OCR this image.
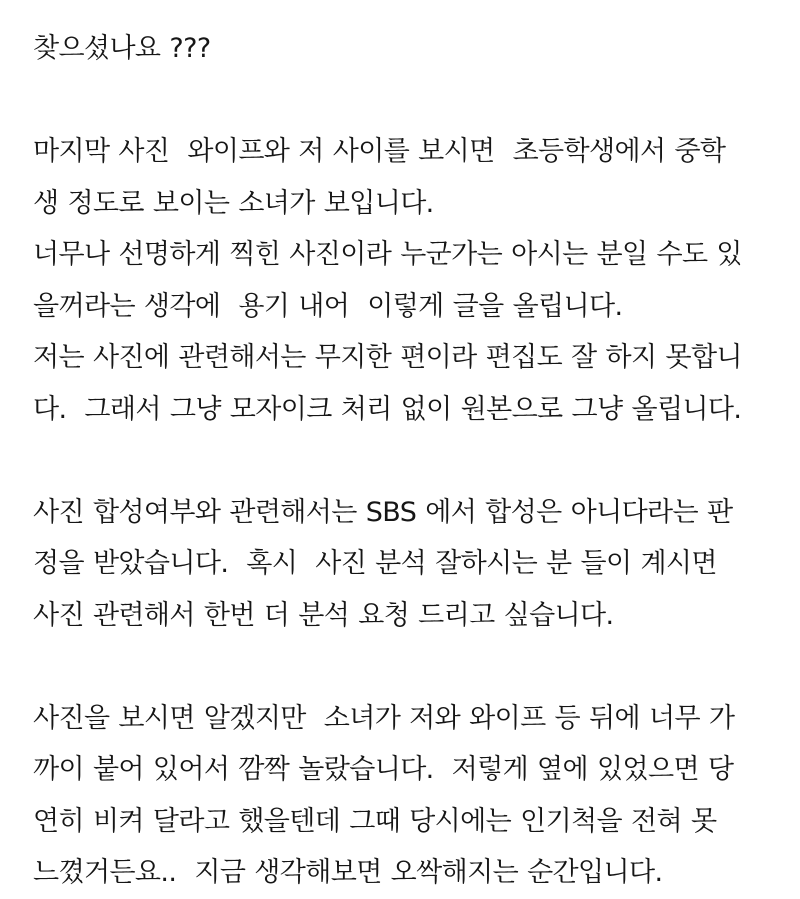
찾으셨나요 ???
마지막 사진  와이프와 저 사이를 보시면  초등학생에서 중학
생 정도로 보이는 소녀가 보입니다.
너무나 선명하게 찍힌 사진이라 누군가는 아시는 분일 수도 있
을꺼라는 생각에  용기 내어  이렇게 글을 올립니다.
저는 사진에 관련해서는 무지한 편이라 편집도 잘 하지 못합니
다.  그래서 그냥 모자이크 처리 없이 원본으로 그냥 올립니다.
사진 합성여부와 관련해서는 SBS 에서 합성은 아니다라는 판
정을 받았습니다.  혹시  사진 분석 잘하시는 분 들이 계시면
사진 관련해서 한번 더 분석 요청 드리고 싶습니다.
사진을 보시면 알겠지만  소녀가 저와 와이프 등 뒤에 너무 가
까이 붙어 있어서 깜짝 놀랐습니다.  저렇게 옆에 있었으면 당
연히 비켜 달라고 했을텐데 그때 당시에는 인기척을 전혀 못
느꼈거든요..  지금 생각해보면 오싹해지는 순간입니다.
